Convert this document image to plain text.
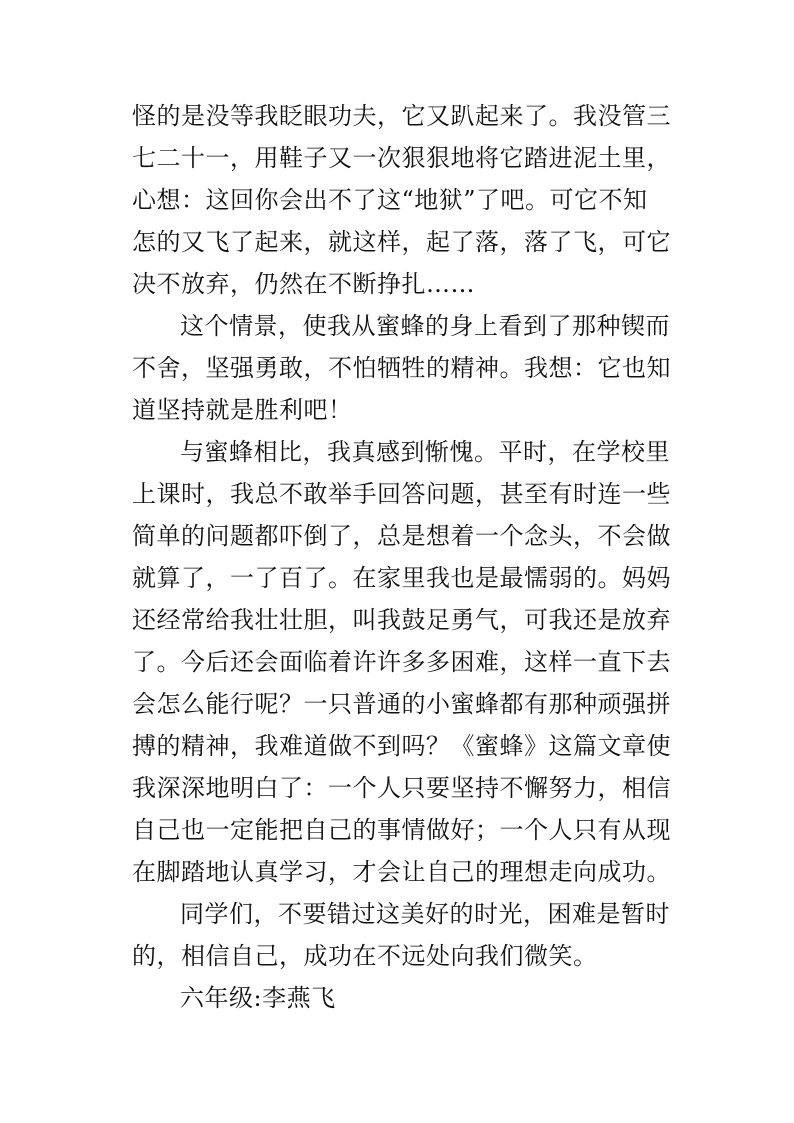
怪的是没等我眨眼功夫，它又趴起来了。我没管三
七二十一，用鞋子又一次狠狠地将它踏进泥土里，
心想：这回你会出不了这“地狱”了吧。可它不知
怎的又飞了起来，就这样，起了落，落了飞，可它
决不放弃，仍然在不断挣扎……
这个情景，使我从蜜蜂的身上看到了那种锲而
不舍，坚强勇敢，不怕牺牲的精神。我想：它也知
道坚持就是胜利吧！
与蜜蜂相比，我真感到惭愧。平时，在学校里
上课时，我总不敢举手回答问题，甚至有时连一些
简单的问题都吓倒了，总是想着一个念头，不会做
就算了，一了百了。在家里我也是最懦弱的。妈妈
还经常给我壮壮胆，叫我鼓足勇气，可我还是放弃
了。今后还会面临着许许多多困难，这样一直下去
会怎么能行呢？一只普通的小蜜蜂都有那种顽强拼
搏的精神，我难道做不到吗？《蜜蜂》这篇文章使
我深深地明白了：一个人只要坚持不懈努力，相信
自己也一定能把自己的事情做好；一个人只有从现
在脚踏地认真学习，才会让自己的理想走向成功。
同学们，不要错过这美好的时光，困难是暂时
的，相信自己，成功在不远处向我们微笑。
六年级:李燕飞
